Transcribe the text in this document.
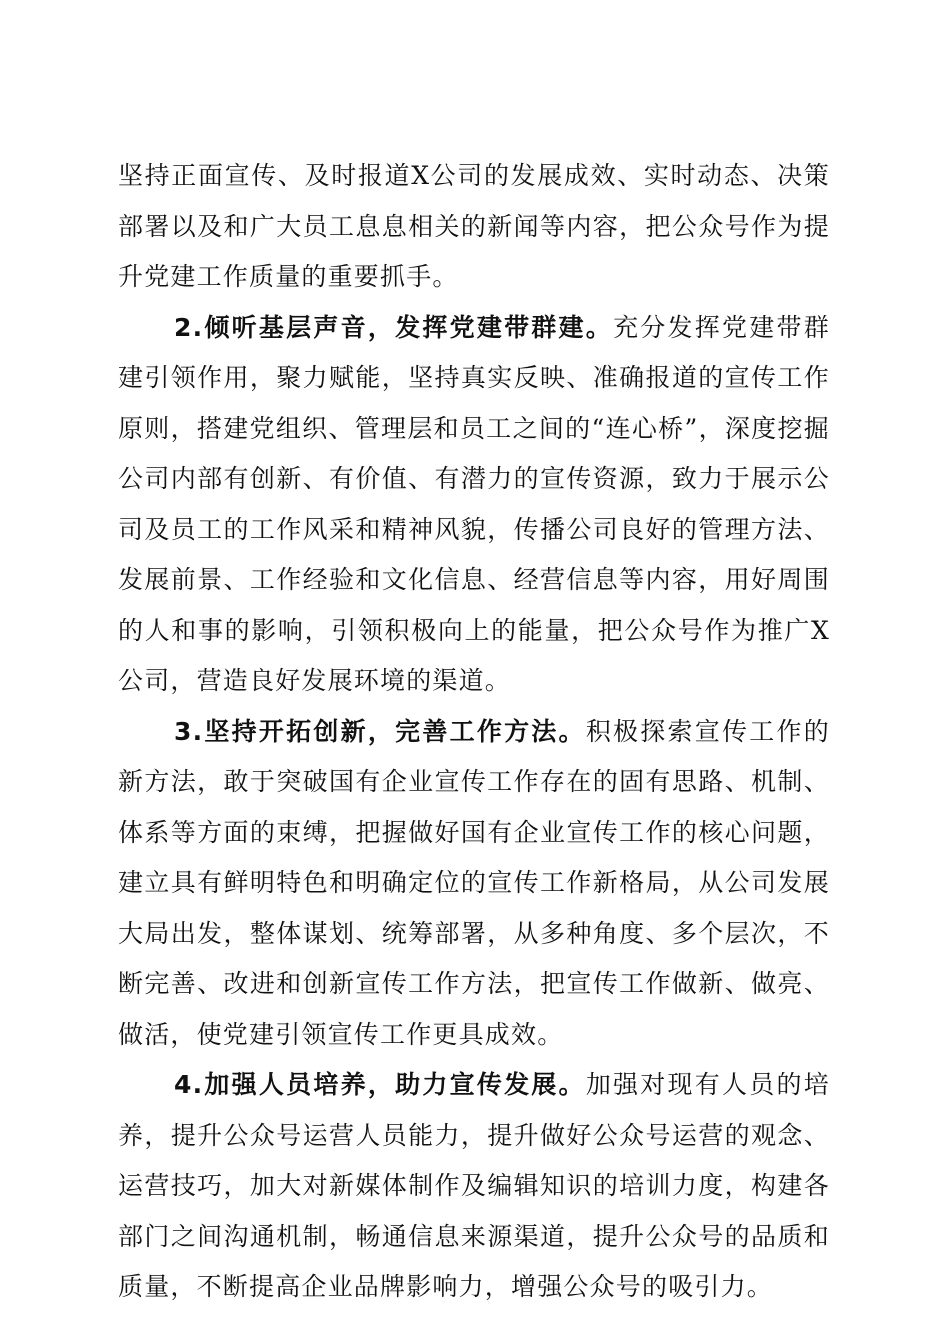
坚持正面宣传、及时报道X公司的发展成效、实时动态、决策部署以及和广大员工息息相关的新闻等内容，把公众号作为提升党建工作质量的重要抓手。

2.倾听基层声音，发挥党建带群建。充分发挥党建带群建引领作用，聚力赋能，坚持真实反映、准确报道的宣传工作原则，搭建党组织、管理层和员工之间的“连心桥”，深度挖掘公司内部有创新、有价值、有潜力的宣传资源，致力于展示公司及员工的工作风采和精神风貌，传播公司良好的管理方法、发展前景、工作经验和文化信息、经营信息等内容，用好周围的人和事的影响，引领积极向上的能量，把公众号作为推广X公司，营造良好发展环境的渠道。

3.坚持开拓创新，完善工作方法。积极探索宣传工作的新方法，敢于突破国有企业宣传工作存在的固有思路、机制、体系等方面的束缚，把握做好国有企业宣传工作的核心问题，建立具有鲜明特色和明确定位的宣传工作新格局，从公司发展大局出发，整体谋划、统筹部署，从多种角度、多个层次，不断完善、改进和创新宣传工作方法，把宣传工作做新、做亮、做活，使党建引领宣传工作更具成效。

4.加强人员培养，助力宣传发展。加强对现有人员的培养，提升公众号运营人员能力，提升做好公众号运营的观念、运营技巧，加大对新媒体制作及编辑知识的培训力度，构建各部门之间沟通机制，畅通信息来源渠道，提升公众号的品质和质量，不断提高企业品牌影响力，增强公众号的吸引力。
